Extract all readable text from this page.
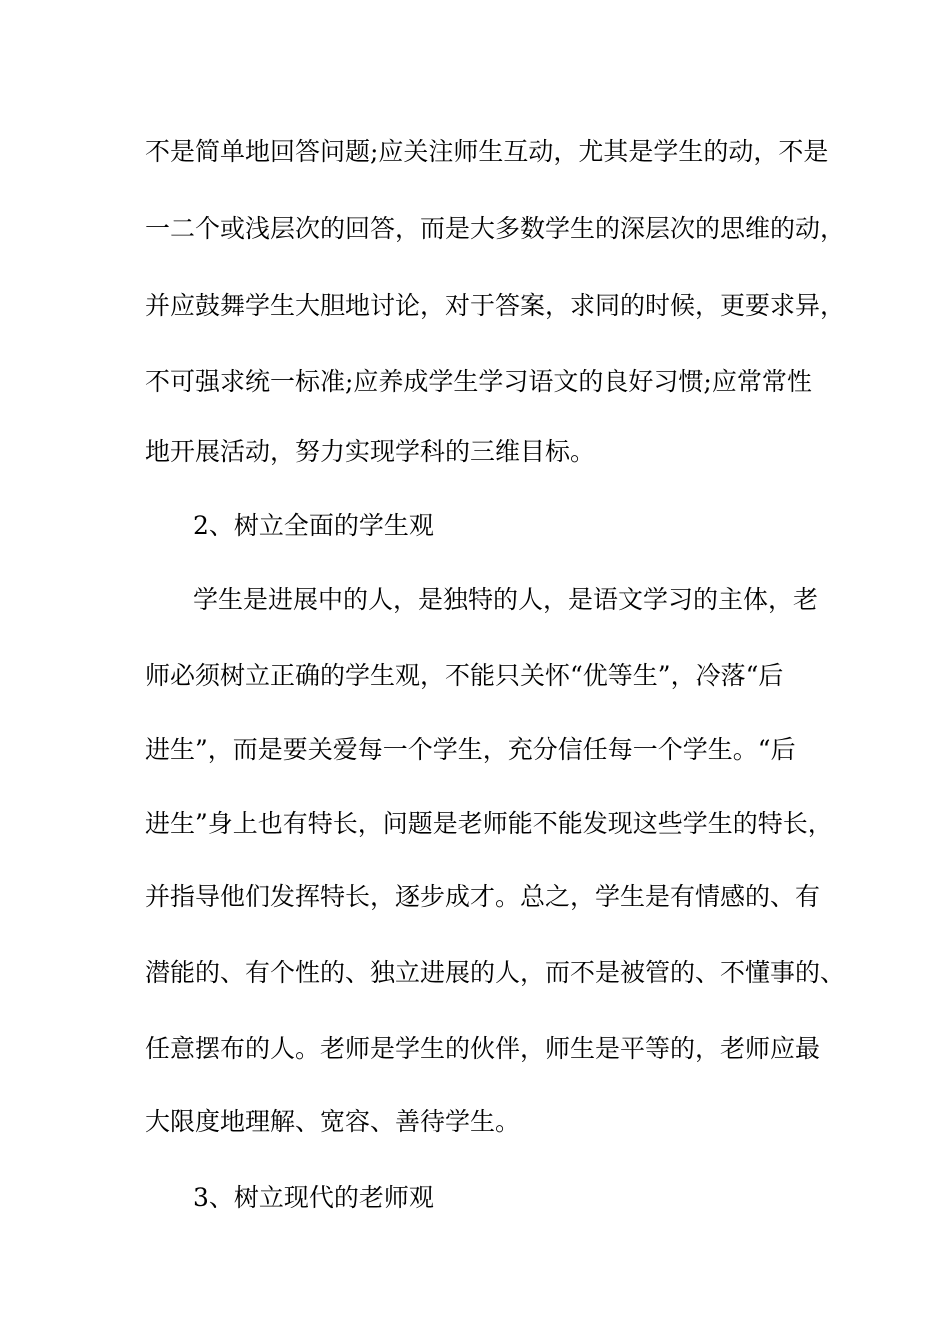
不是简单地回答问题;应关注师生互动，尤其是学生的动，不是
一二个或浅层次的回答，而是大多数学生的深层次的思维的动，
并应鼓舞学生大胆地讨论，对于答案，求同的时候，更要求异，
不可强求统一标准;应养成学生学习语文的良好习惯;应常常性
地开展活动，努力实现学科的三维目标。
2、树立全面的学生观
学生是进展中的人，是独特的人，是语文学习的主体，老
师必须树立正确的学生观，不能只关怀“优等生”，冷落“后
进生”，而是要关爱每一个学生，充分信任每一个学生。“后
进生”身上也有特长，问题是老师能不能发现这些学生的特长，
并指导他们发挥特长，逐步成才。总之，学生是有情感的、有
潜能的、有个性的、独立进展的人，而不是被管的、不懂事的、
任意摆布的人。老师是学生的伙伴，师生是平等的，老师应最
大限度地理解、宽容、善待学生。
3、树立现代的老师观
